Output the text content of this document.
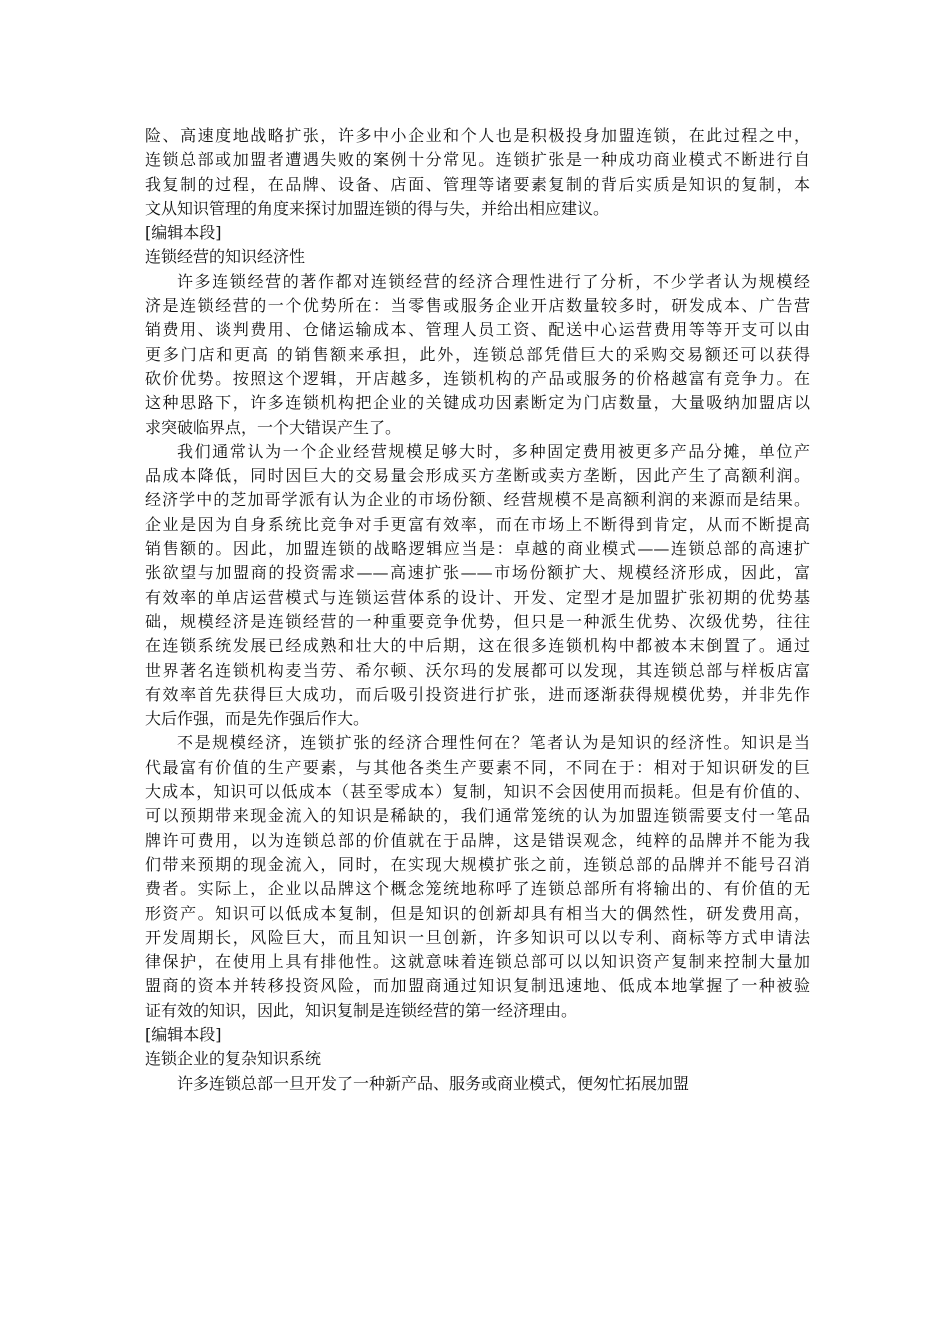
险、高速度地战略扩张，许多中小企业和个人也是积极投身加盟连锁，在此过程之中，
连锁总部或加盟者遭遇失败的案例十分常见。连锁扩张是一种成功商业模式不断进行自
我复制的过程，在品牌、设备、店面、管理等诸要素复制的背后实质是知识的复制，本
文从知识管理的角度来探讨加盟连锁的得与失，并给出相应建议。
[编辑本段]
连锁经营的知识经济性
许多连锁经营的著作都对连锁经营的经济合理性进行了分析，不少学者认为规模经
济是连锁经营的一个优势所在：当零售或服务企业开店数量较多时，研发成本、广告营
销费用、谈判费用、仓储运输成本、管理人员工资、配送中心运营费用等等开支可以由
更多门店和更高 的销售额来承担，此外，连锁总部凭借巨大的采购交易额还可以获得
砍价优势。按照这个逻辑，开店越多，连锁机构的产品或服务的价格越富有竞争力。在
这种思路下，许多连锁机构把企业的关键成功因素断定为门店数量，大量吸纳加盟店以
求突破临界点，一个大错误产生了。
我们通常认为一个企业经营规模足够大时，多种固定费用被更多产品分摊，单位产
品成本降低，同时因巨大的交易量会形成买方垄断或卖方垄断，因此产生了高额利润。
经济学中的芝加哥学派有认为企业的市场份额、经营规模不是高额利润的来源而是结果。
企业是因为自身系统比竞争对手更富有效率，而在市场上不断得到肯定，从而不断提高
销售额的。因此，加盟连锁的战略逻辑应当是：卓越的商业模式——连锁总部的高速扩
张欲望与加盟商的投资需求——高速扩张——市场份额扩大、规模经济形成，因此，富
有效率的单店运营模式与连锁运营体系的设计、开发、定型才是加盟扩张初期的优势基
础，规模经济是连锁经营的一种重要竞争优势，但只是一种派生优势、次级优势，往往
在连锁系统发展已经成熟和壮大的中后期，这在很多连锁机构中都被本末倒置了。通过
世界著名连锁机构麦当劳、希尔顿、沃尔玛的发展都可以发现，其连锁总部与样板店富
有效率首先获得巨大成功，而后吸引投资进行扩张，进而逐渐获得规模优势，并非先作
大后作强，而是先作强后作大。
不是规模经济，连锁扩张的经济合理性何在？笔者认为是知识的经济性。知识是当
代最富有价值的生产要素，与其他各类生产要素不同，不同在于：相对于知识研发的巨
大成本，知识可以低成本（甚至零成本）复制，知识不会因使用而损耗。但是有价值的、
可以预期带来现金流入的知识是稀缺的，我们通常笼统的认为加盟连锁需要支付一笔品
牌许可费用，以为连锁总部的价值就在于品牌，这是错误观念，纯粹的品牌并不能为我
们带来预期的现金流入，同时，在实现大规模扩张之前，连锁总部的品牌并不能号召消
费者。实际上，企业以品牌这个概念笼统地称呼了连锁总部所有将输出的、有价值的无
形资产。知识可以低成本复制，但是知识的创新却具有相当大的偶然性，研发费用高，
开发周期长，风险巨大，而且知识一旦创新，许多知识可以以专利、商标等方式申请法
律保护，在使用上具有排他性。这就意味着连锁总部可以以知识资产复制来控制大量加
盟商的资本并转移投资风险，而加盟商通过知识复制迅速地、低成本地掌握了一种被验
证有效的知识，因此，知识复制是连锁经营的第一经济理由。
[编辑本段]
连锁企业的复杂知识系统
许多连锁总部一旦开发了一种新产品、服务或商业模式，便匆忙拓展加盟
